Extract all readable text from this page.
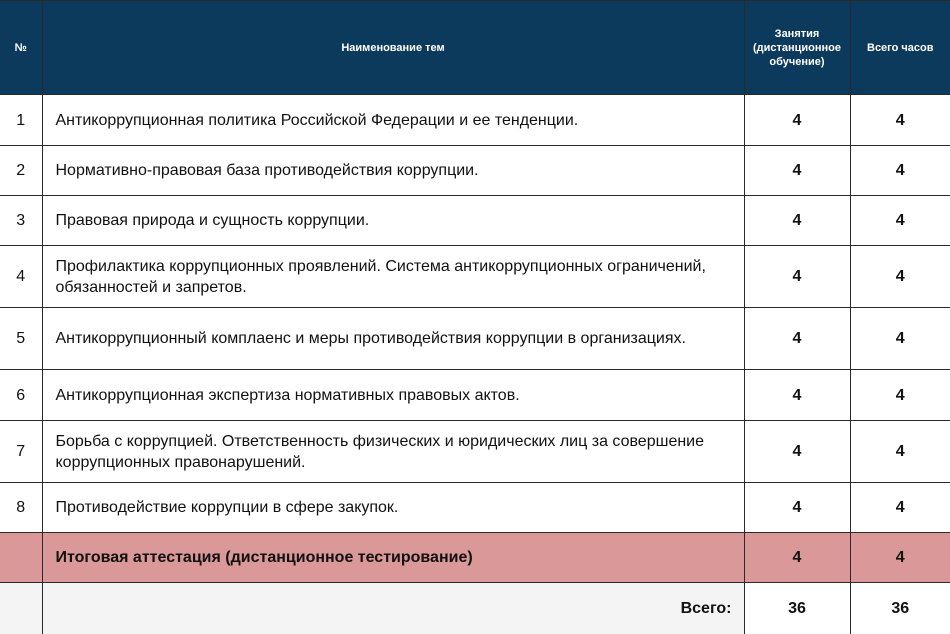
№	Наименование тем	Занятия (дистанционное обучение)	Всего часов
1	Антикоррупционная политика Российской Федерации и ее тенденции.	4	4
2	Нормативно-правовая база противодействия коррупции.	4	4
3	Правовая природа и сущность коррупции.	4	4
4	Профилактика коррупционных проявлений. Система антикоррупционных ограничений, обязанностей и запретов.	4	4
5	Антикоррупционный комплаенс и меры противодействия коррупции в организациях.	4	4
6	Антикоррупционная экспертиза нормативных правовых актов.	4	4
7	Борьба с коррупцией. Ответственность физических и юридических лиц за совершение коррупционных правонарушений.	4	4
8	Противодействие коррупции в сфере закупок.	4	4
	Итоговая аттестация (дистанционное тестирование)	4	4
	Всего:	36	36
